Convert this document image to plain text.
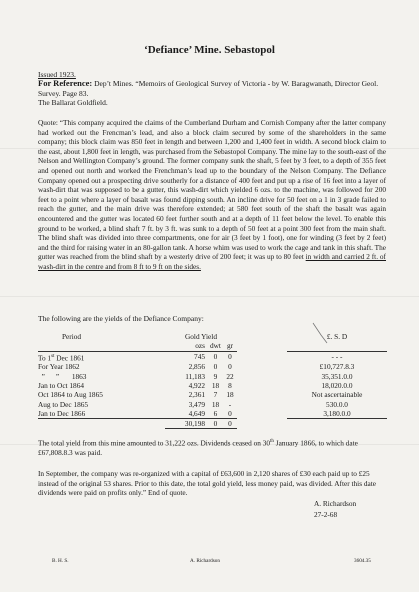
‘Defiance’ Mine. Sebastopol
Issued 1923.
For Reference: Dep’t Mines. “Memoirs of Geological Survey of Victoria - by W. Baragwanath, Director Geol. Survey. Page 83.
The Ballarat Goldfield.
Quote: “This company acquired the claims of the Cumberland Durham and Cornish Company after the latter company had worked out the Frencman’s lead, and also a block claim secured by some of the shareholders in the same company; this block claim was 850 feet in length and between 1,200 and 1,400 feet in width. A second block claim to the east, about 1,800 feet in length, was purchased from the Sebastopol Company. The mine lay to the south-east of the Nelson and Wellington Company’s ground. The former company sunk the shaft, 5 feet by 3 feet, to a depth of 355 feet and opened out north and worked the Frenchman’s lead up to the boundary of the Nelson Company. The Defiance Company opened out a prospecting drive southerly for a distance of 400 feet and put up a rise of 16 feet into a layer of wash-dirt that was supposed to be a gutter, this wash-dirt which yielded 6 ozs. to the machine, was followed for 200 feet to a point where a layer of basalt was found dipping south. An incline drive for 50 feet on a 1 in 3 grade failed to reach the gutter, and the main drive was therefore extended; at 580 feet south of the shaft the basalt was again encountered and the gutter was located 60 feet further south and at a depth of 11 feet below the level. To enable this ground to be worked, a blind shaft 7 ft. by 3 ft. was sunk to a depth of 50 feet at a point 300 feet from the main shaft. The blind shaft was divided into three compartments, one for air (3 feet by 1 foot), one for winding (3 feet by 2 feet) and the third for raising water in an 80-gallon tank. A horse whim was used to work the cage and tank in this shaft. The gutter was reached from the blind shaft by a westerly drive of 200 feet; it was up to 80 feet in width and carried 2 ft. of wash-dirt in the centre and from 8 ft to 9 ft on the sides.
The following are the yields of the Defiance Company:
Period	Gold Yield				£. S. D
	ozs	dwt	gr		
To 1st Dec 1861	745	0	0		- - -
For Year 1862	2,856	0	0		£10,727.8.3
”      ”       1863	11,183	9	22		35,351.0.0
Jan to Oct 1864	4,922	18	8		18,020.0.0
Oct 1864 to Aug 1865	2,361	7	18		Not ascertainable
Aug to Dec 1865	3,479	18	-		530.0.0
Jan to Dec 1866	4,649	6	0		3,180.0.0
	30,198	0	0		
The total yield from this mine amounted to 31,222 ozs. Dividends ceased on 30th January 1866, to which date £67,808.8.3 was paid.
In September, the company was re-organized with a capital of £63,600 in 2,120 shares of £30 each paid up to £25 instead of the original 53 shares. Prior to this date, the total gold yield, less money paid, was divided. After this date dividends were paid on profits only.” End of quote.
A. Richardson
27-2-68
B. H. S.	A. Richardson	3604.35
